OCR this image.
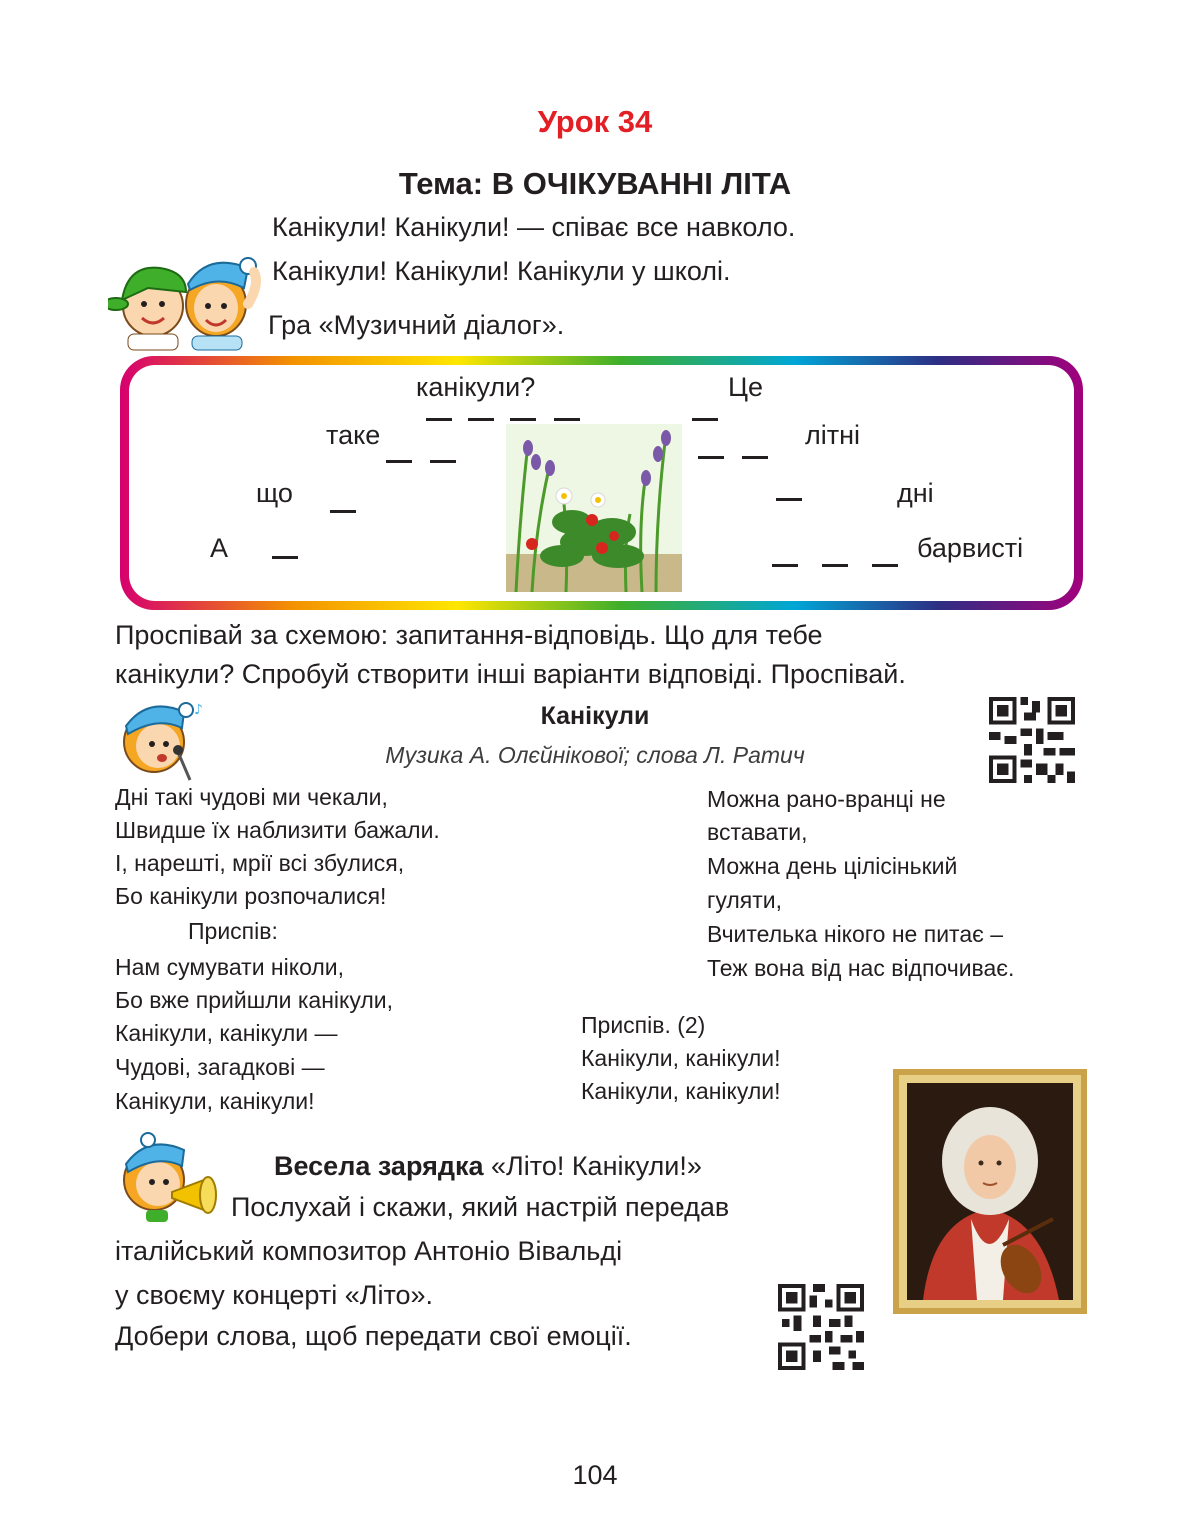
Урок 34
Тема: В ОЧІКУВАННІ ЛІТА
Канікули! Канікули! — співає все навколо.
Канікули! Канікули! Канікули у школі.
Гра «Музичний діалог».
канікули?
таке
що
А
Це
літні
дні
барвисті
Проспівай за схемою: запитання-відповідь. Що для тебе
канікули? Спробуй створити інші варіанти відповіді. Проспівай.
♪	Канікули
Музика А. Олєйнікової; слова Л. Ратич
Дні такі чудові ми чекали,
Швидше їх наблизити бажали.
І, нарешті, мрії всі збулися,
Бо канікули розпочалися!
Приспів:
Нам сумувати ніколи,
Бо вже прийшли канікули,
Канікули, канікули —
Чудові, загадкові —
Канікули, канікули!
Можна рано-вранці не
вставати,
Можна день цілісінький
гуляти,
Вчителька нікого не питає –
Теж вона від нас відпочиває.
Приспів. (2)
Канікули, канікули!
Канікули, канікули!
Весела зарядка «Літо! Канікули!»
Послухай і скажи, який настрій передав
італійський композитор Антоніо Вівальді
у своєму концерті «Літо».
Добери слова, щоб передати свої емоції.
104
